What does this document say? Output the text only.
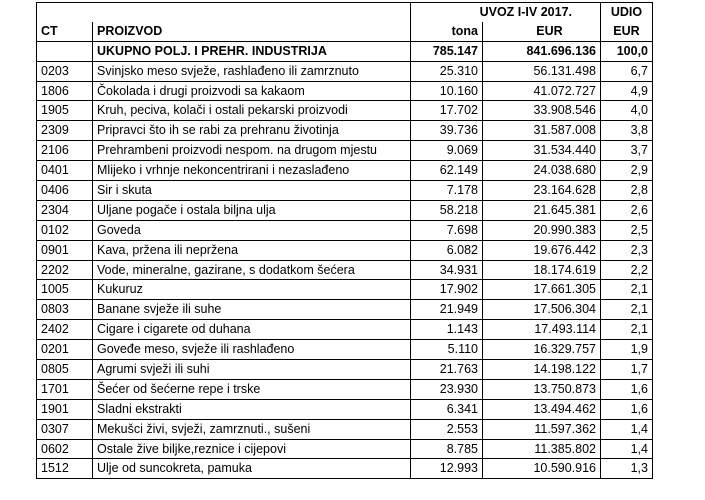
		UVOZ I-IV 2017.		UDIO
CT	PROIZVOD	tona	EUR	EUR
	UKUPNO POLJ. I PREHR. INDUSTRIJA	785.147	841.696.136	100,0
0203	Svinjsko meso svježe, rashlađeno ili zamrznuto	25.310	56.131.498	6,7
1806	Čokolada i drugi proizvodi sa kakaom	10.160	41.072.727	4,9
1905	Kruh, peciva, kolači i ostali pekarski proizvodi	17.702	33.908.546	4,0
2309	Pripravci što ih se rabi za prehranu životinja	39.736	31.587.008	3,8
2106	Prehrambeni proizvodi nespom. na drugom mjestu	9.069	31.534.440	3,7
0401	Mlijeko i vrhnje nekoncentrirani i nezaslađeno	62.149	24.038.680	2,9
0406	Sir i skuta	7.178	23.164.628	2,8
2304	Uljane pogače i ostala biljna ulja	58.218	21.645.381	2,6
0102	Goveda	7.698	20.990.383	2,5
0901	Kava, pržena ili nepržena	6.082	19.676.442	2,3
2202	Vode, mineralne, gazirane, s dodatkom šećera	34.931	18.174.619	2,2
1005	Kukuruz	17.902	17.661.305	2,1
0803	Banane svježe ili suhe	21.949	17.506.304	2,1
2402	Cigare i cigarete od duhana	1.143	17.493.114	2,1
0201	Goveđe meso, svježe ili rashlađeno	5.110	16.329.757	1,9
0805	Agrumi svježi ili suhi	21.763	14.198.122	1,7
1701	Šećer od šećerne repe i trske	23.930	13.750.873	1,6
1901	Sladni ekstrakti	6.341	13.494.462	1,6
0307	Mekušci živi, svježi, zamrznuti., sušeni	2.553	11.597.362	1,4
0602	Ostale žive biljke,reznice i cijepovi	8.785	11.385.802	1,4
1512	Ulje od suncokreta, pamuka	12.993	10.590.916	1,3
